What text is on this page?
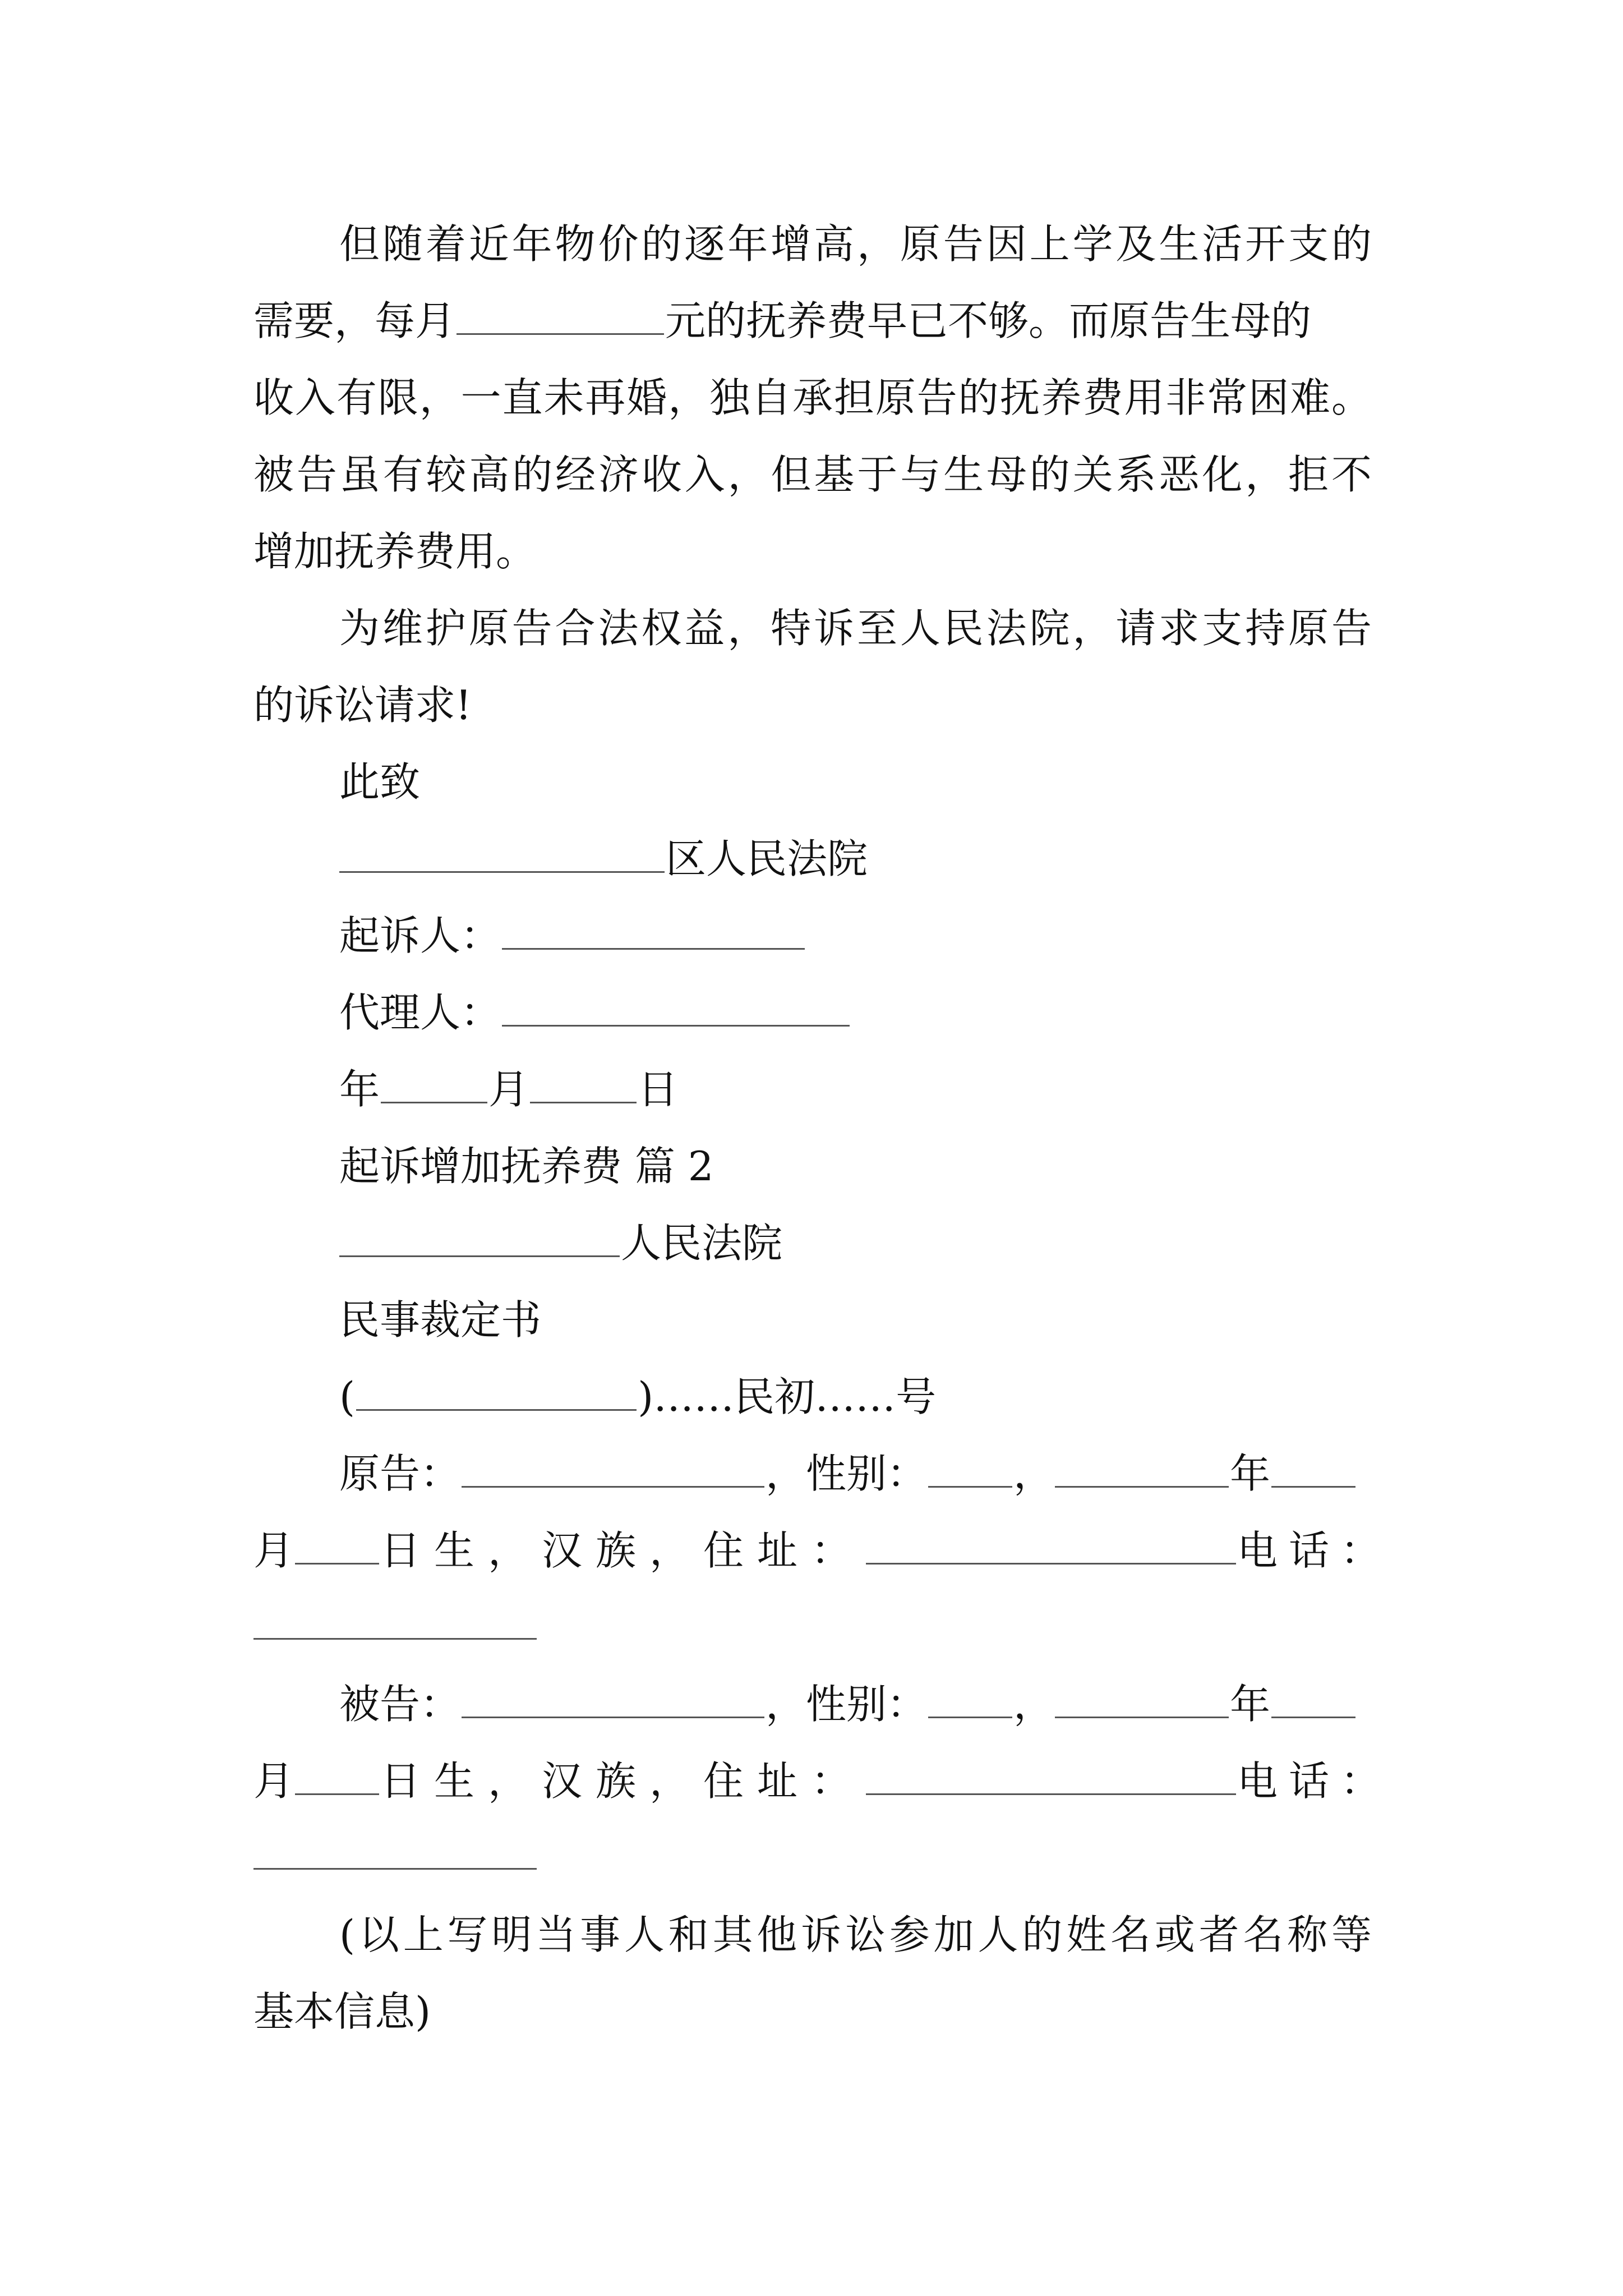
但随着近年物价的逐年增高，原告因上学及生活开支的
需要，每月	元的抚养费早已不够。而原告生母的
收入有限，一直未再婚，独自承担原告的抚养费用非常困难。
被告虽有较高的经济收入，但基于与生母的关系恶化，拒不
增加抚养费用。
为维护原告合法权益，特诉至人民法院，请求支持原告
的诉讼请求!
此致
区人民法院
起诉人：
代理人：
年	月	日
起诉增加抚养费 篇 2
人民法院
民事裁定书
(	)……民初……号
原告：	，性别： ，	年
月 日生，汉族，住址：	电话：
被告：	，性别： ，	年
月 日生，汉族，住址：	电话：
(以上写明当事人和其他诉讼参加人的姓名或者名称等
基本信息)
